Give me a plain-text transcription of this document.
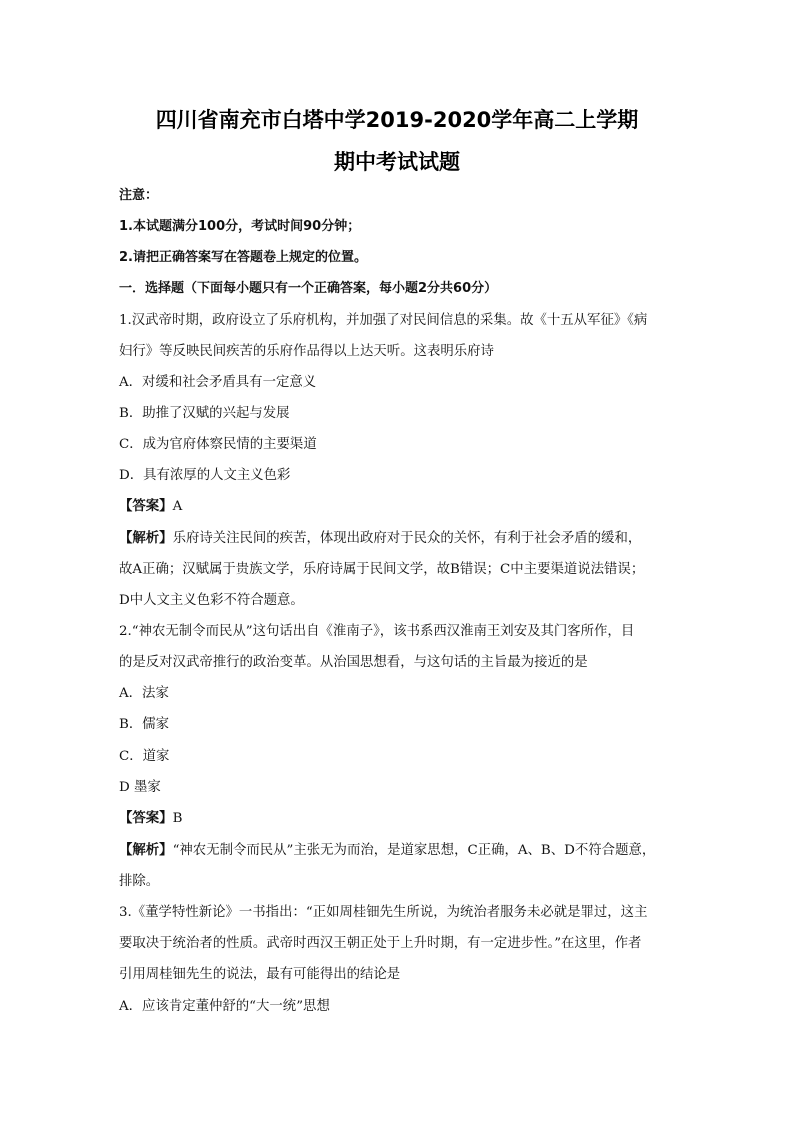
四川省南充市白塔中学2019-2020学年高二上学期
期中考试试题
注意：
1.本试题满分100分，考试时间90分钟；
2.请把正确答案写在答题卷上规定的位置。
一．选择题（下面每小题只有一个正确答案，每小题2分共60分）
1.汉武帝时期，政府设立了乐府机构，并加强了对民间信息的采集。故《十五从军征》《病
妇行》等反映民间疾苦的乐府作品得以上达天听。这表明乐府诗
A．对缓和社会矛盾具有一定意义
B．助推了汉赋的兴起与发展
C．成为官府体察民情的主要渠道
D．具有浓厚的人文主义色彩
【答案】A
【解析】乐府诗关注民间的疾苦，体现出政府对于民众的关怀，有利于社会矛盾的缓和，
故A正确；汉赋属于贵族文学，乐府诗属于民间文学，故B错误；C中主要渠道说法错误；
D中人文主义色彩不符合题意。
2.“神农无制令而民从”这句话出自《淮南子》，该书系西汉淮南王刘安及其门客所作，目
的是反对汉武帝推行的政治变革。从治国思想看，与这句话的主旨最为接近的是
A．法家
B．儒家
C．道家
D 墨家
【答案】B
【解析】“神农无制令而民从”主张无为而治，是道家思想，C正确，A、B、D不符合题意，
排除。
3.《董学特性新论》一书指出：“正如周桂钿先生所说，为统治者服务未必就是罪过，这主
要取决于统治者的性质。武帝时西汉王朝正处于上升时期，有一定进步性。”在这里，作者
引用周桂钿先生的说法，最有可能得出的结论是
A．应该肯定董仲舒的“大一统”思想
